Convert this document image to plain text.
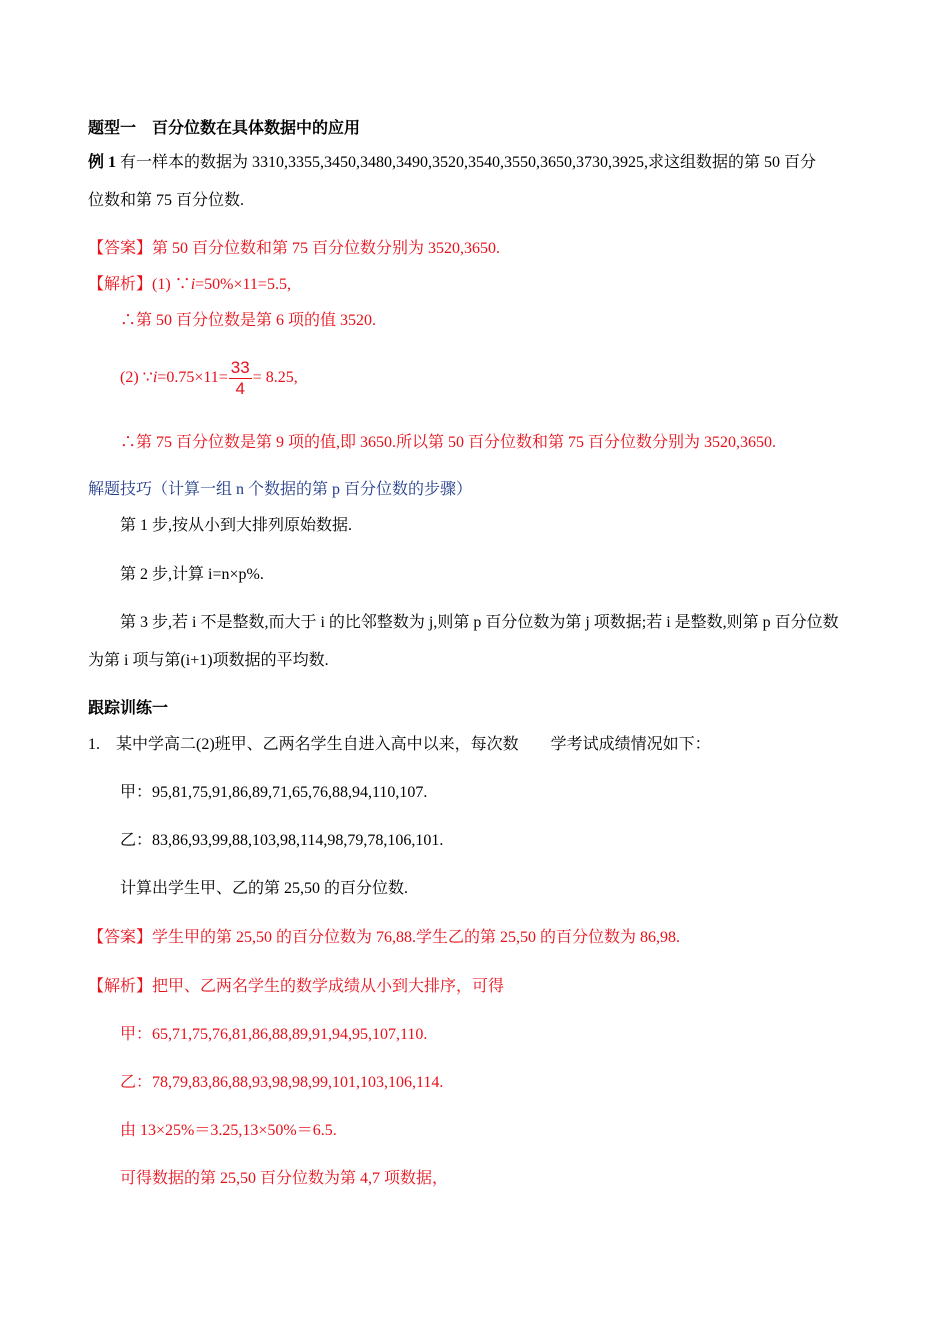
题型一　百分位数在具体数据中的应用
例 1 有一样本的数据为 3310,3355,3450,3480,3490,3520,3540,3550,3650,3730,3925,求这组数据的第 50 百分
位数和第 75 百分位数.
【答案】第 50 百分位数和第 75 百分位数分别为 3520,3650.
【解析】(1) ∵i=50%×11=5.5,
∴第 50 百分位数是第 6 项的值 3520.
(2) ∵i=0.75×11= $\frac{33}{4} = 8.25$,
∴第 75 百分位数是第 9 项的值,即 3650.所以第 50 百分位数和第 75 百分位数分别为 3520,3650.
解题技巧（计算一组 n 个数据的第 p 百分位数的步骤）
第 1 步,按从小到大排列原始数据.
第 2 步,计算 i=n×p%.
第 3 步,若 i 不是整数,而大于 i 的比邻整数为 j,则第 p 百分位数为第 j 项数据;若 i 是整数,则第 p 百分位数
为第 i 项与第(i+1)项数据的平均数.
跟踪训练一
1. 某中学高二(2)班甲、乙两名学生自进入高中以来，每次数　　学考试成绩情况如下：
甲：95,81,75,91,86,89,71,65,76,88,94,110,107.
乙：83,86,93,99,88,103,98,114,98,79,78,106,101.
计算出学生甲、乙的第 25,50 的百分位数.
【答案】学生甲的第 25,50 的百分位数为 76,88.学生乙的第 25,50 的百分位数为 86,98.
【解析】把甲、乙两名学生的数学成绩从小到大排序，可得
甲：65,71,75,76,81,86,88,89,91,94,95,107,110.
乙：78,79,83,86,88,93,98,98,99,101,103,106,114.
由 13×25%＝3.25,13×50%＝6.5.
可得数据的第 25,50 百分位数为第 4,7 项数据，
